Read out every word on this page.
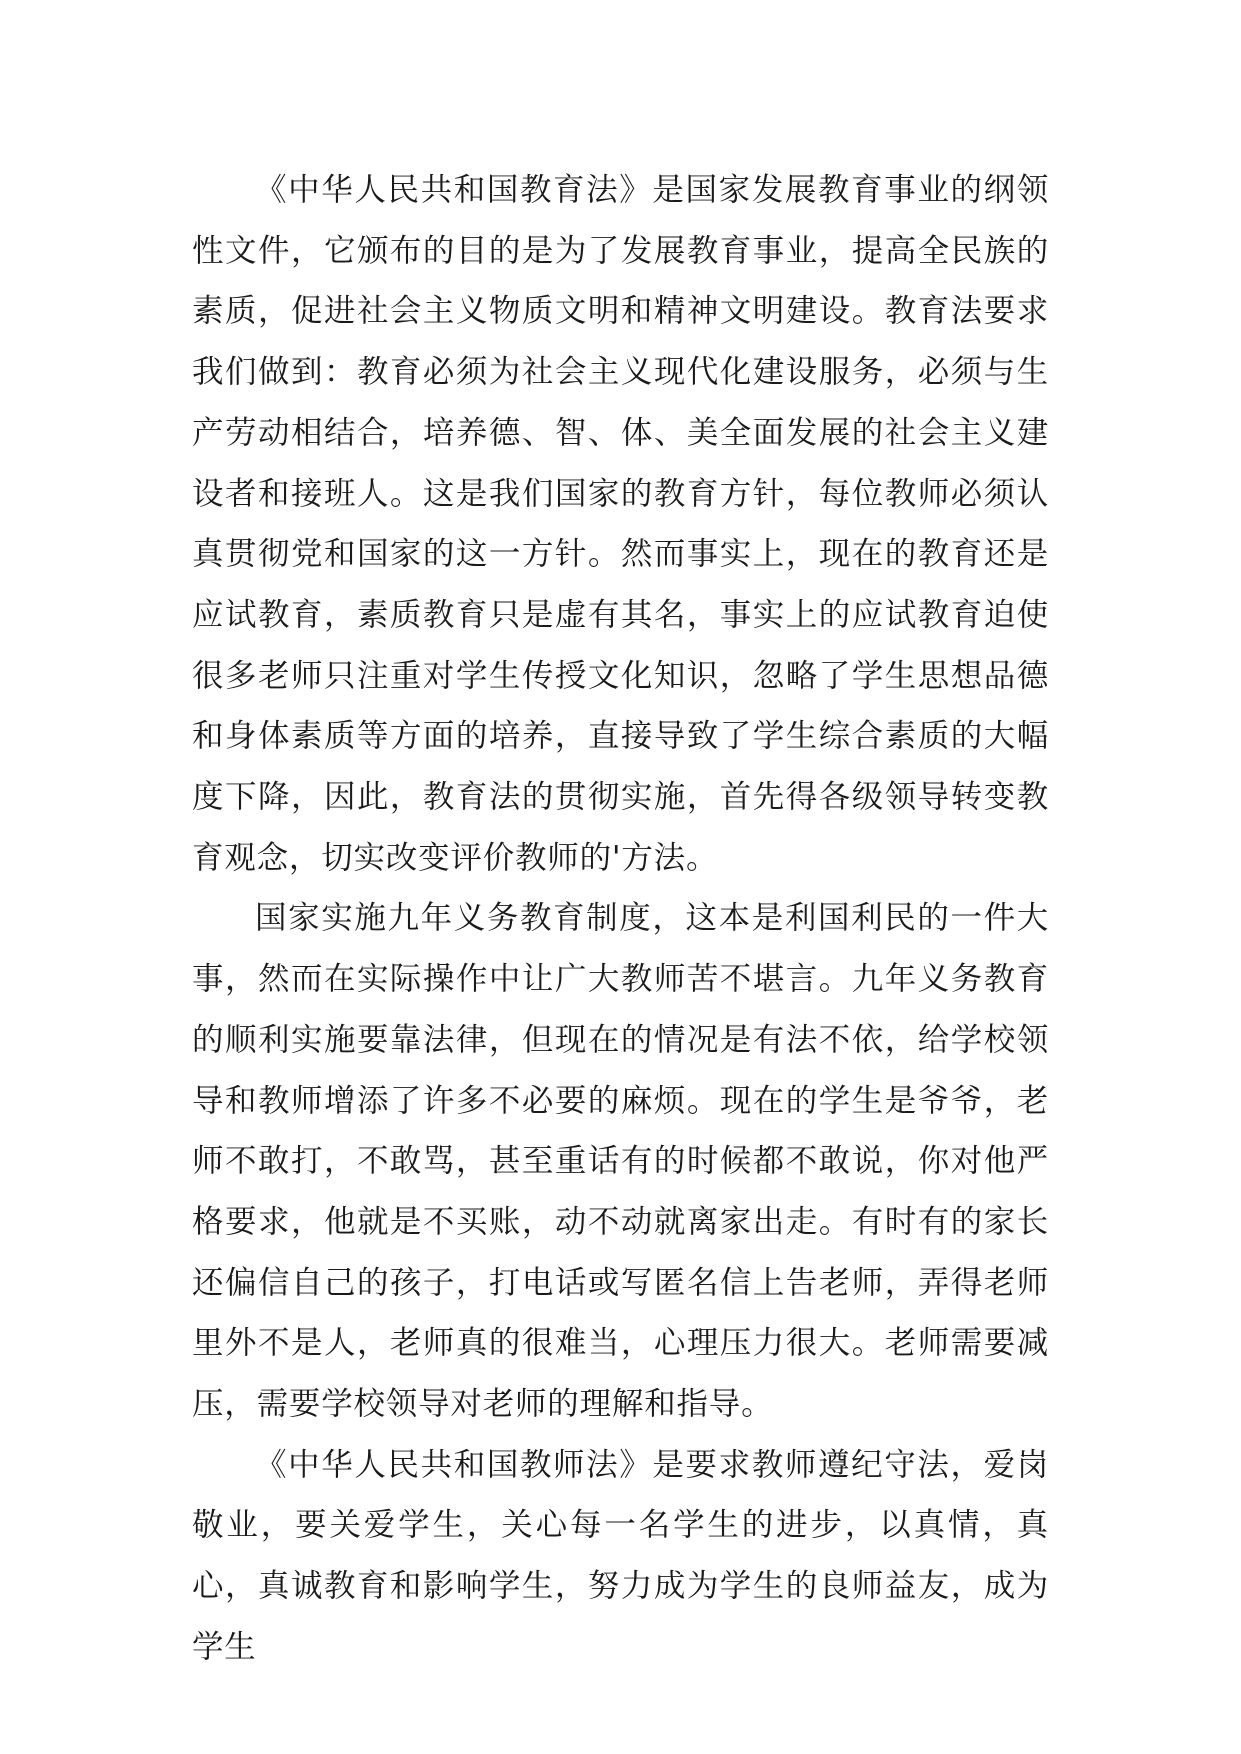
《中华人民共和国教育法》是国家发展教育事业的纲领性文件，它颁布的目的是为了发展教育事业，提高全民族的素质，促进社会主义物质文明和精神文明建设。教育法要求我们做到：教育必须为社会主义现代化建设服务，必须与生产劳动相结合，培养德、智、体、美全面发展的社会主义建设者和接班人。这是我们国家的教育方针，每位教师必须认真贯彻党和国家的这一方针。然而事实上，现在的教育还是应试教育，素质教育只是虚有其名，事实上的应试教育迫使很多老师只注重对学生传授文化知识，忽略了学生思想品德和身体素质等方面的培养，直接导致了学生综合素质的大幅度下降，因此，教育法的贯彻实施，首先得各级领导转变教育观念，切实改变评价教师的'方法。

国家实施九年义务教育制度，这本是利国利民的一件大事，然而在实际操作中让广大教师苦不堪言。九年义务教育的顺利实施要靠法律，但现在的情况是有法不依，给学校领导和教师增添了许多不必要的麻烦。现在的学生是爷爷，老师不敢打，不敢骂，甚至重话有的时候都不敢说，你对他严格要求，他就是不买账，动不动就离家出走。有时有的家长还偏信自己的孩子，打电话或写匿名信上告老师，弄得老师里外不是人，老师真的很难当，心理压力很大。老师需要减压，需要学校领导对老师的理解和指导。

《中华人民共和国教师法》是要求教师遵纪守法，爱岗敬业，要关爱学生，关心每一名学生的进步，以真情，真心，真诚教育和影响学生，努力成为学生的良师益友，成为学生
